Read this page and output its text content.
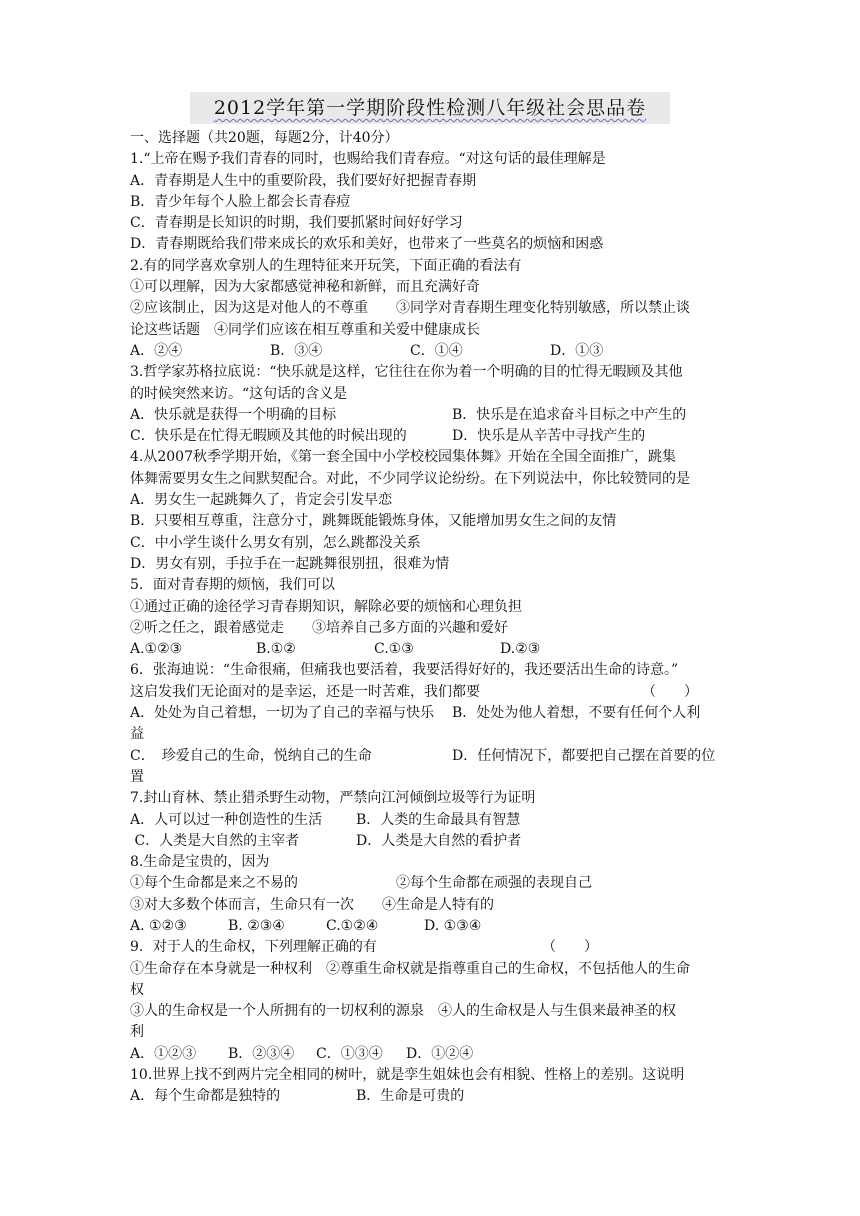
2012学年第一学期阶段性检测八年级社会思品卷
一、选择题（共20题，每题2分，计40分）
1.“上帝在赐予我们青春的同时，也赐给我们青春痘。“对这句话的最佳理解是
A．青春期是人生中的重要阶段，我们要好好把握青春期
B．青少年每个人脸上都会长青春痘
C．青春期是长知识的时期，我们要抓紧时间好好学习
D．青春期既给我们带来成长的欢乐和美好，也带来了一些莫名的烦恼和困惑
2.有的同学喜欢拿别人的生理特征来开玩笑，下面正确的看法有
①可以理解，因为大家都感觉神秘和新鲜，而且充满好奇
②应该制止，因为这是对他人的不尊重　　③同学对青春期生理变化特别敏感，所以禁止谈
论这些话题　④同学们应该在相互尊重和关爱中健康成长
A．②④	B．③④	C．①④	D．①③
3.哲学家苏格拉底说：“快乐就是这样，它往往在你为着一个明确的目的忙得无暇顾及其他
的时候突然来访。“这句话的含义是
A．快乐就是获得一个明确的目标	B．快乐是在追求奋斗目标之中产生的
C．快乐是在忙得无暇顾及其他的时候出现的	D．快乐是从辛苦中寻找产生的
4.从2007秋季学期开始，《第一套全国中小学校校园集体舞》开始在全国全面推广，跳集
体舞需要男女生之间默契配合。对此，不少同学议论纷纷。在下列说法中，你比较赞同的是
A．男女生一起跳舞久了，肯定会引发早恋
B．只要相互尊重，注意分寸，跳舞既能锻炼身体，又能增加男女生之间的友情
C．中小学生谈什么男女有别，怎么跳都没关系
D．男女有别，手拉手在一起跳舞很别扭，很难为情
5．面对青春期的烦恼，我们可以
①通过正确的途径学习青春期知识，解除必要的烦恼和心理负担
②听之任之，跟着感觉走　　③培养自己多方面的兴趣和爱好
A.①②③	B.①②	C.①③	D.②③
6．张海迪说：“生命很痛，但痛我也要活着，我要活得好好的，我还要活出生命的诗意。”
这启发我们无论面对的是幸运，还是一时苦难，我们都要	（　　）
A．处处为自己着想，一切为了自己的幸福与快乐 B．处处为他人着想，不要有任何个人利
益
C．　珍爱自己的生命，悦纳自己的生命	D．任何情况下，都要把自己摆在首要的位
置
7.封山育林、禁止猎杀野生动物，严禁向江河倾倒垃圾等行为证明
A．人可以过一种创造性的生活 B．人类的生命最具有智慧
C．人类是大自然的主宰者	D．人类是大自然的看护者
8.生命是宝贵的，因为
①每个生命都是来之不易的	②每个生命都在顽强的表现自己
③对大多数个体而言，生命只有一次　　④生命是人特有的
A. ①②③	B. ②③④	C.①②④	D. ①③④
9．对于人的生命权，下列理解正确的有	（　　）
①生命存在本身就是一种权利　②尊重生命权就是指尊重自己的生命权，不包括他人的生命
权
③人的生命权是一个人所拥有的一切权利的源泉　④人的生命权是人与生俱来最神圣的权
利
A．①②③ B．②③④ C．①③④ D．①②④
10.世界上找不到两片完全相同的树叶，就是孪生姐妹也会有相貌、性格上的差别。这说明
A．每个生命都是独特的	B．生命是可贵的
